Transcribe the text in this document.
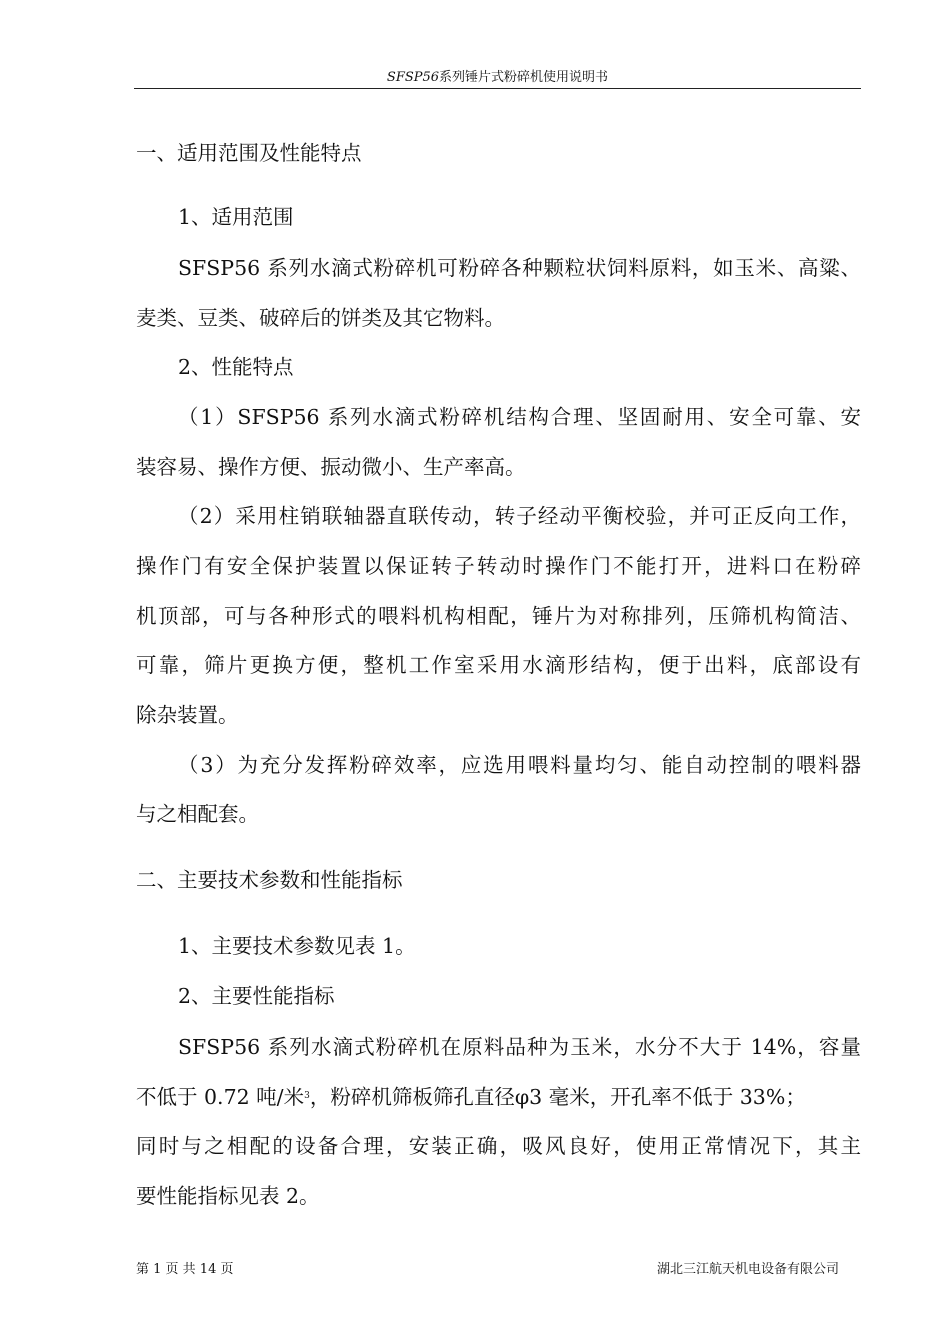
SFSP56系列锤片式粉碎机使用说明书
一、适用范围及性能特点
1、适用范围
SFSP56 系列水滴式粉碎机可粉碎各种颗粒状饲料原料，如玉米、高粱、
麦类、豆类、破碎后的饼类及其它物料。
2、性能特点
（1）SFSP56 系列水滴式粉碎机结构合理、坚固耐用、安全可靠、安
装容易、操作方便、振动微小、生产率高。
（2）采用柱销联轴器直联传动，转子经动平衡校验，并可正反向工作，
操作门有安全保护装置以保证转子转动时操作门不能打开，进料口在粉碎
机顶部，可与各种形式的喂料机构相配，锤片为对称排列，压筛机构简洁、
可靠，筛片更换方便，整机工作室采用水滴形结构，便于出料，底部设有
除杂装置。
（3）为充分发挥粉碎效率，应选用喂料量均匀、能自动控制的喂料器
与之相配套。
二、主要技术参数和性能指标
1、主要技术参数见表 1。
2、主要性能指标
SFSP56 系列水滴式粉碎机在原料品种为玉米，水分不大于 14%，容量
不低于 0.72 吨/米$^3$，粉碎机筛板筛孔直径φ3 毫米，开孔率不低于 33%；
同时与之相配的设备合理，安装正确，吸风良好，使用正常情况下，其主
要性能指标见表 2。
第 1 页 共 14 页	湖北三江航天机电设备有限公司
